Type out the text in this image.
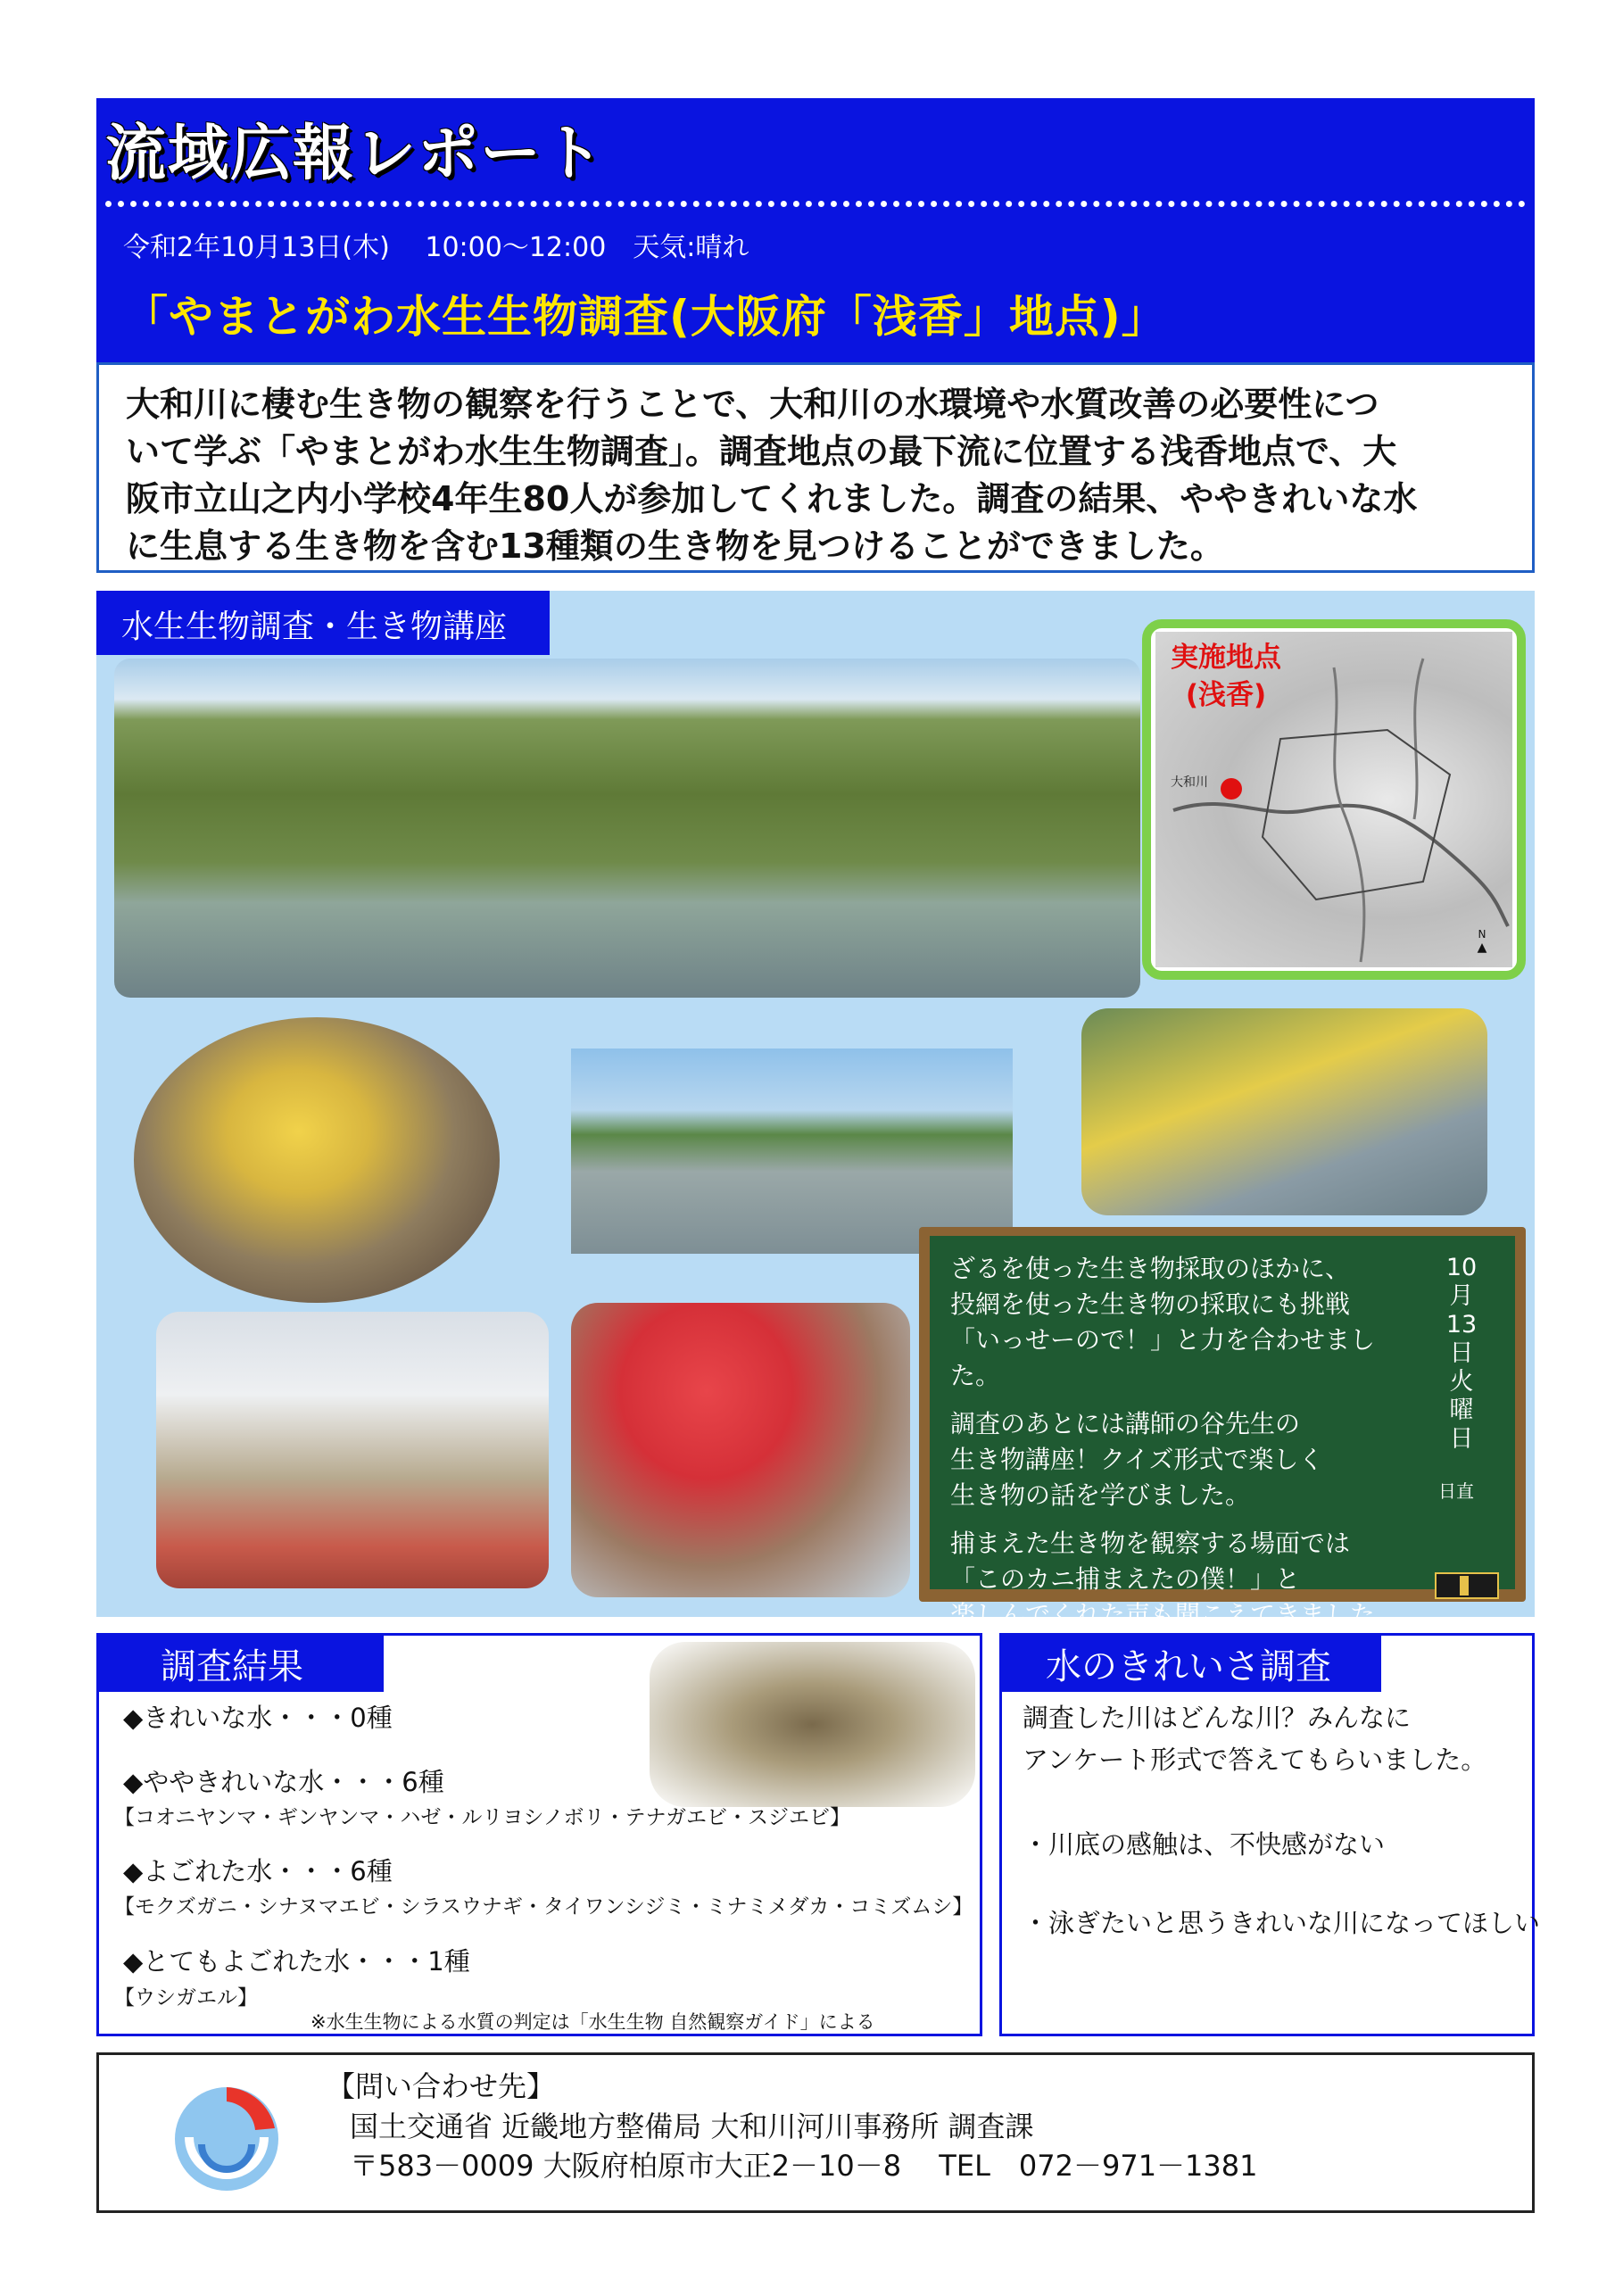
流域広報レポート
令和2年10月13日(木)　 10:00～12:00　天気:晴れ
「やまとがわ水生生物調査(大阪府「浅香」地点)」
大和川に棲む生き物の観察を行うことで、大和川の水環境や水質改善の必要性につ
いて学ぶ「やまとがわ水生生物調査」。調査地点の最下流に位置する浅香地点で、大
阪市立山之内小学校4年生80人が参加してくれました。調査の結果、ややきれいな水
に生息する生き物を含む13種類の生き物を見つけることができました。
水生生物調査・生き物講座
実施地点
(浅香)
大和川
N
▲

ざるを使った生き物採取のほかに、
投網を使った生き物の採取にも挑戦
「いっせーので！」と力を合わせました。

調査のあとには講師の谷先生の
生き物講座！クイズ形式で楽しく
生き物の話を学びました。

捕まえた生き物を観察する場面では
「このカニ捕まえたの僕！」と
楽しんでくれた声も聞こえてきました。

10
月
13
日
火
曜
日
日直
調査結果
◆きれいな水・・・0種
◆ややきれいな水・・・6種
【コオニヤンマ・ギンヤンマ・ハゼ・ルリヨシノボリ・テナガエビ・スジエビ】
◆よごれた水・・・6種
【モクズガニ・シナヌマエビ・シラスウナギ・タイワンシジミ・ミナミメダカ・コミズムシ】
◆とてもよごれた水・・・1種
【ウシガエル】
※水生生物による水質の判定は「水生生物 自然観察ガイド」による
水のきれいさ調査
調査した川はどんな川？みんなに
アンケート形式で答えてもらいました。
・川底の感触は、不快感がない
・泳ぎたいと思うきれいな川になってほしい
【問い合わせ先】
国土交通省 近畿地方整備局 大和川河川事務所 調査課
〒583－0009 大阪府柏原市大正2－10－8　 TEL　072－971－1381
